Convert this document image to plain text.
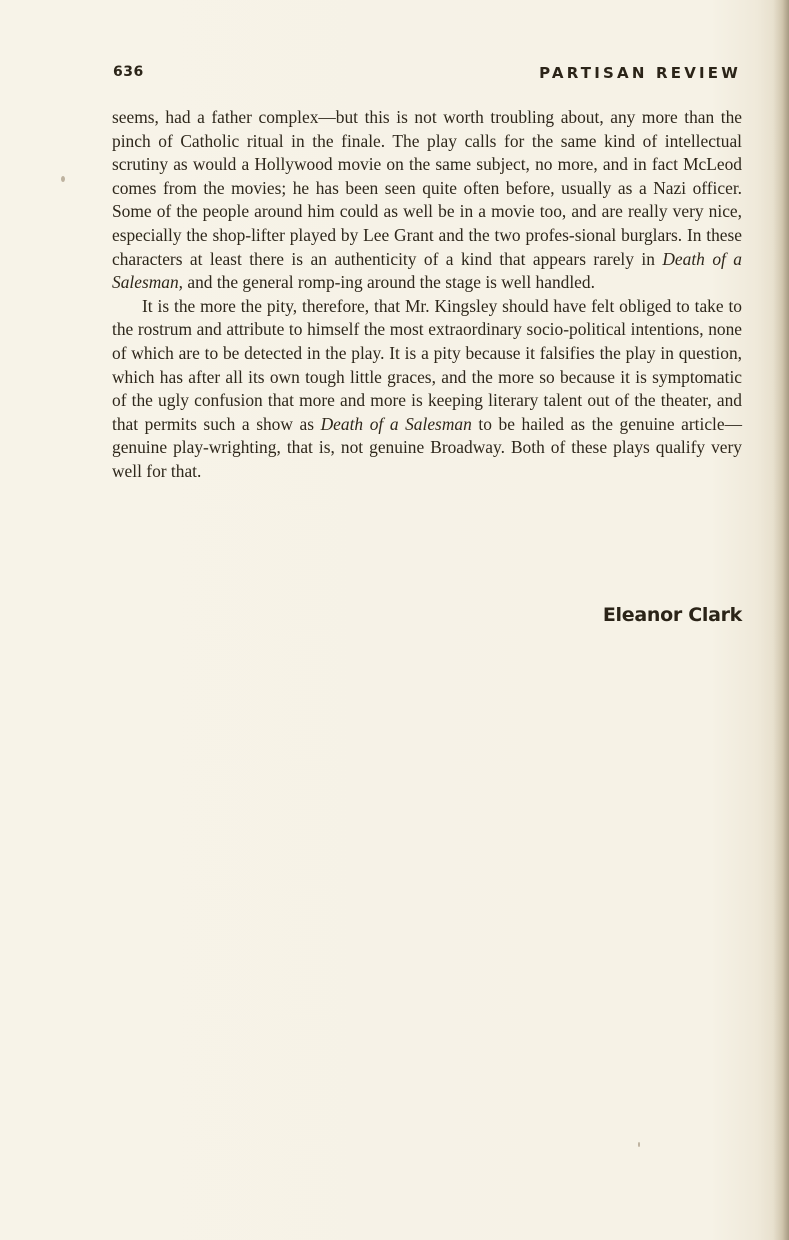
636	PARTISAN REVIEW

seems, had a father complex—but this is not worth troubling about, any more than the pinch of Catholic ritual in the finale. The play calls for the same kind of intellectual scrutiny as would a Hollywood movie on the same subject, no more, and in fact McLeod comes from the movies; he has been seen quite often before, usually as a Nazi officer. Some of the people around him could as well be in a movie too, and are really very nice, especially the shop-lifter played by Lee Grant and the two profes-sional burglars. In these characters at least there is an authenticity of a kind that appears rarely in Death of a Salesman, and the general romp-ing around the stage is well handled.

It is the more the pity, therefore, that Mr. Kingsley should have felt obliged to take to the rostrum and attribute to himself the most extraordinary socio-political intentions, none of which are to be detected in the play. It is a pity because it falsifies the play in question, which has after all its own tough little graces, and the more so because it is symptomatic of the ugly confusion that more and more is keeping literary talent out of the theater, and that permits such a show as Death of a Salesman to be hailed as the genuine article—genuine play-wrighting, that is, not genuine Broadway. Both of these plays qualify very well for that.

Eleanor Clark
